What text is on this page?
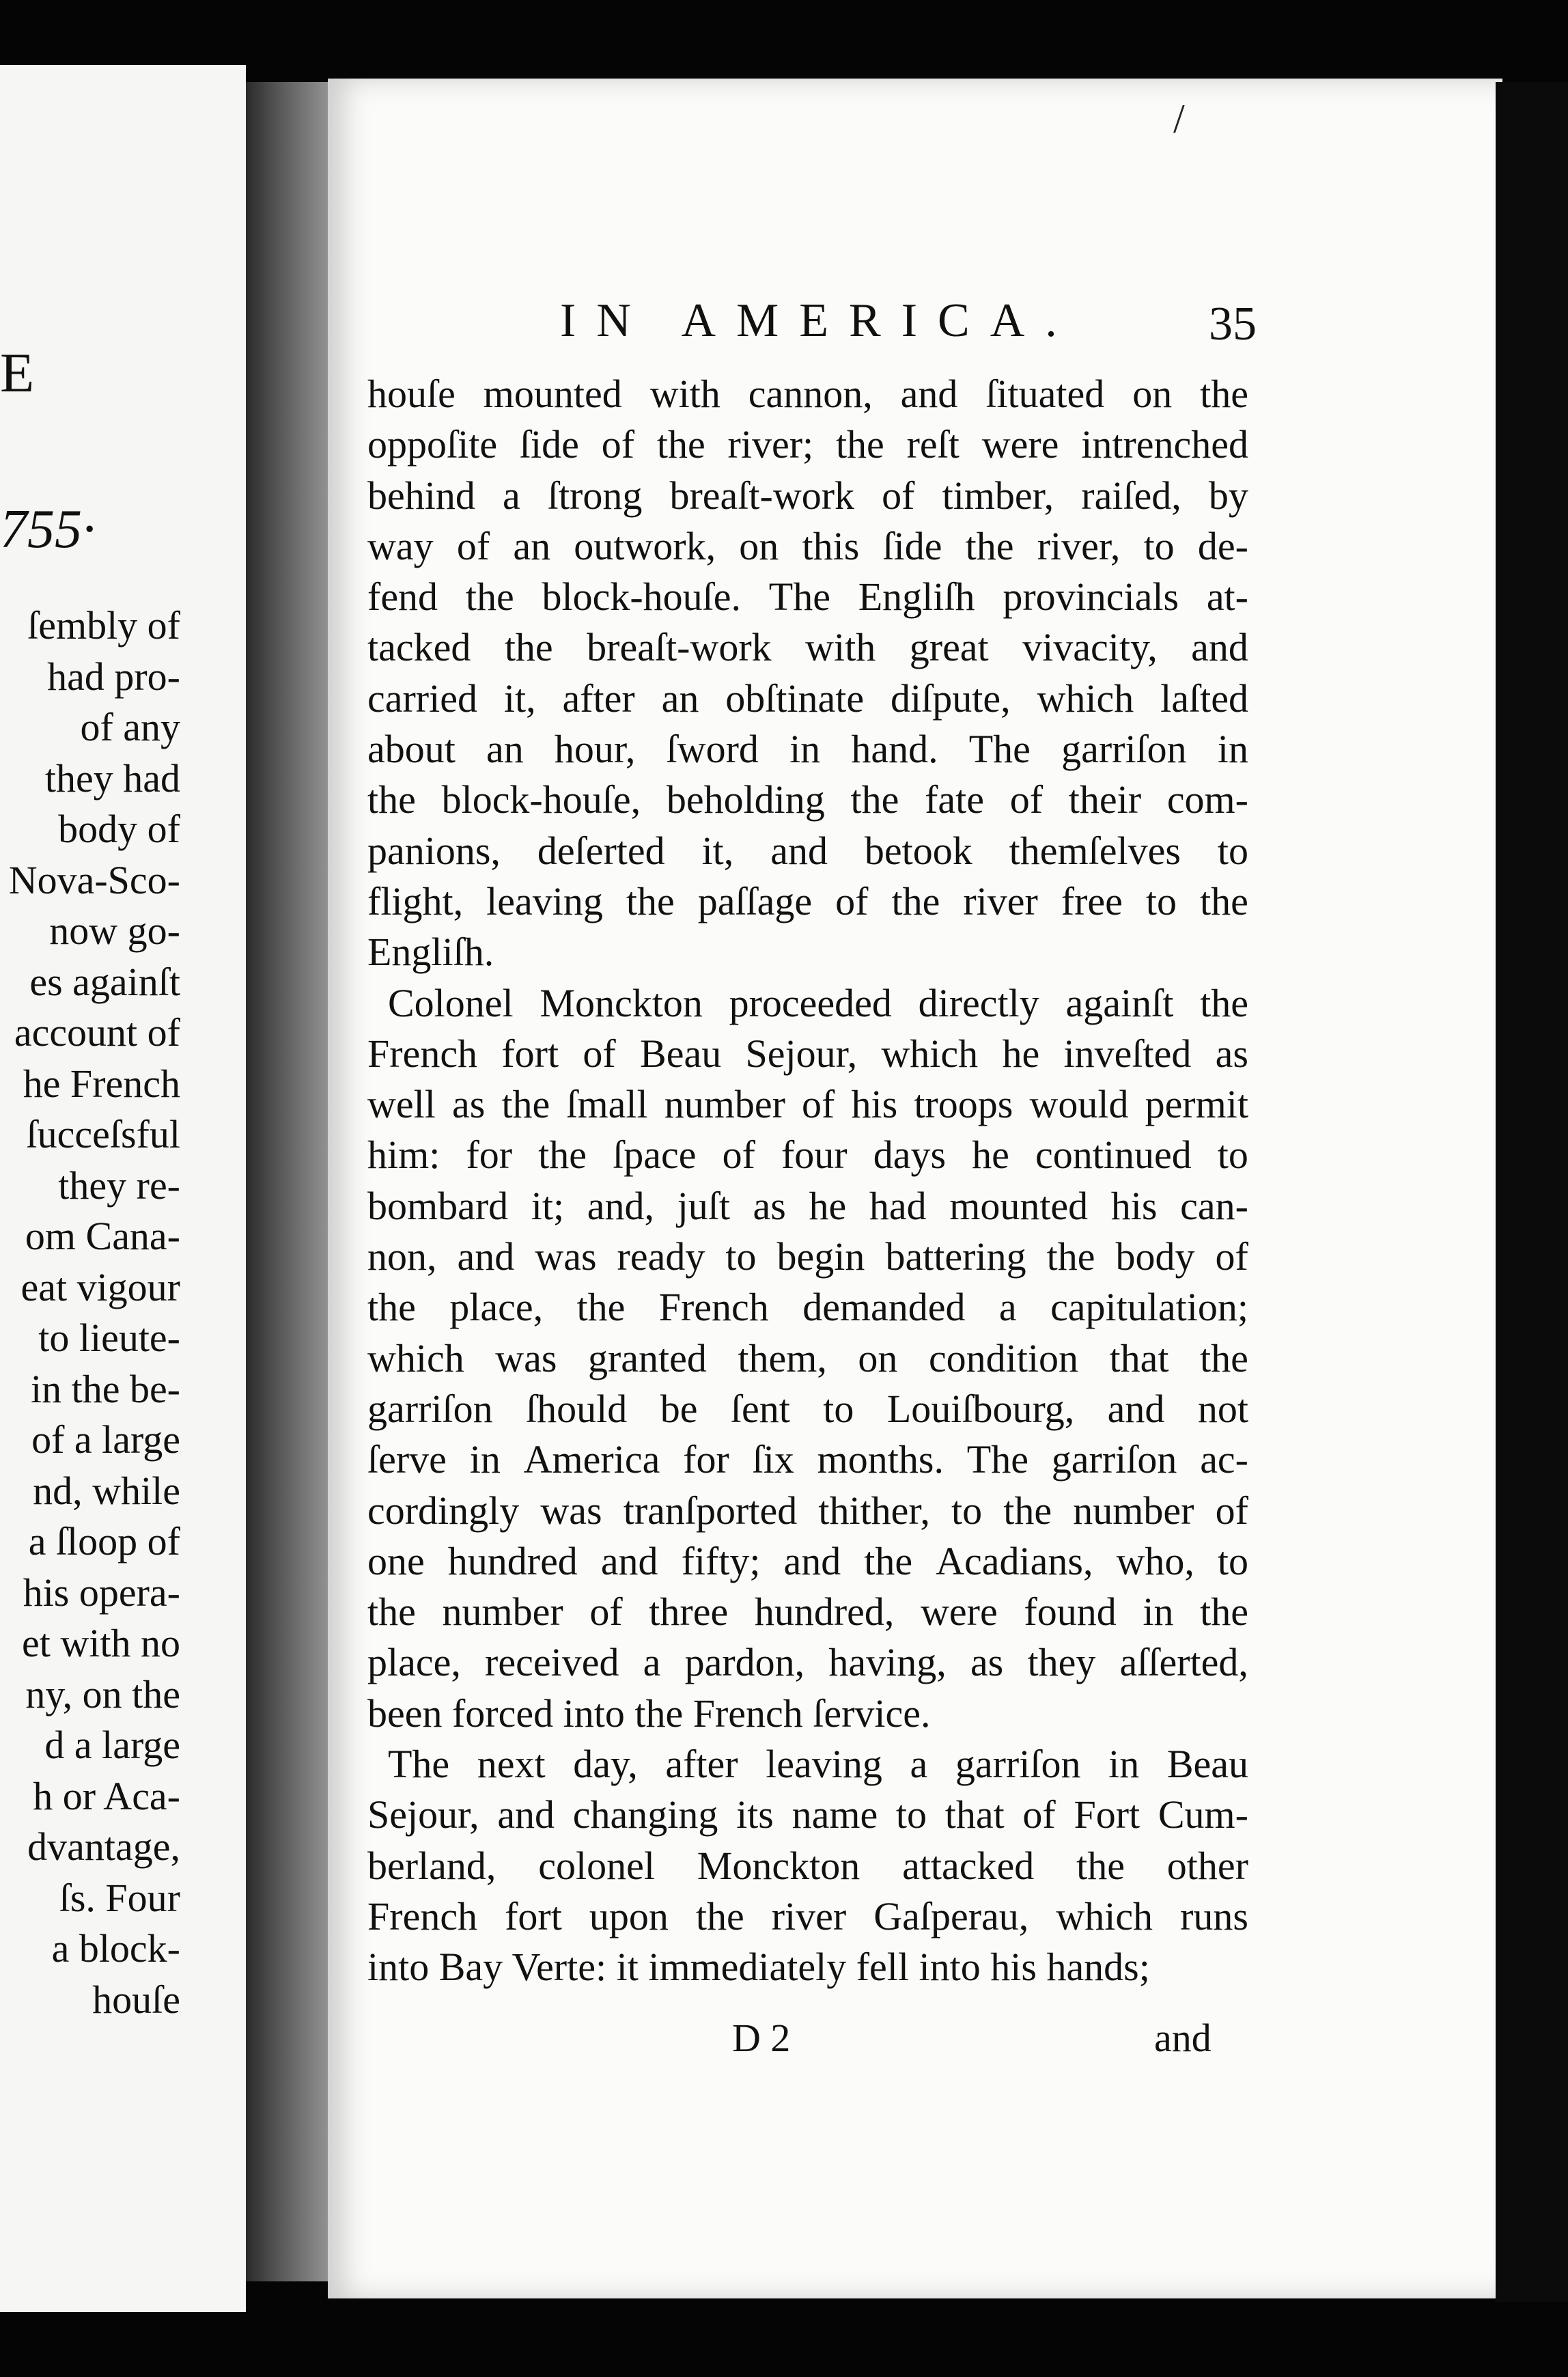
E
755·
ſembly of
had pro-
of any
they had
body of
Nova-Sco-
now go-
es againſt
account of
he French
ſucceſsful
they re-
om Cana-
eat vigour
to lieute-
in the be-
of a large
nd, while
a ſloop of
his opera-
et with no
ny, on the
d a large
h or Aca-
dvantage,
ſs. Four
a block-
houſe
/
IN AMERICA.	35
houſe mounted with cannon, and ſituated on the
oppoſite ſide of the river; the reſt were intrenched
behind a ſtrong breaſt-work of timber, raiſed, by
way of an outwork, on this ſide the river, to de-
fend the block-houſe. The Engliſh provincials at-
tacked the breaſt-work with great vivacity, and
carried it, after an obſtinate diſpute, which laſted
about an hour, ſword in hand. The garriſon in
the block-houſe, beholding the fate of their com-
panions, deſerted it, and betook themſelves to
flight, leaving the paſſage of the river free to the
Engliſh.
Colonel Monckton proceeded directly againſt the
French fort of Beau Sejour, which he inveſted as
well as the ſmall number of his troops would permit
him: for the ſpace of four days he continued to
bombard it; and, juſt as he had mounted his can-
non, and was ready to begin battering the body of
the place, the French demanded a capitulation;
which was granted them, on condition that the
garriſon ſhould be ſent to Louiſbourg, and not
ſerve in America for ſix months. The garriſon ac-
cordingly was tranſported thither, to the number of
one hundred and fifty; and the Acadians, who, to
the number of three hundred, were found in the
place, received a pardon, having, as they aſſerted,
been forced into the French ſervice.
The next day, after leaving a garriſon in Beau
Sejour, and changing its name to that of Fort Cum-
berland, colonel Monckton attacked the other
French fort upon the river Gaſperau, which runs
into Bay Verte: it immediately fell into his hands;
D 2	and
